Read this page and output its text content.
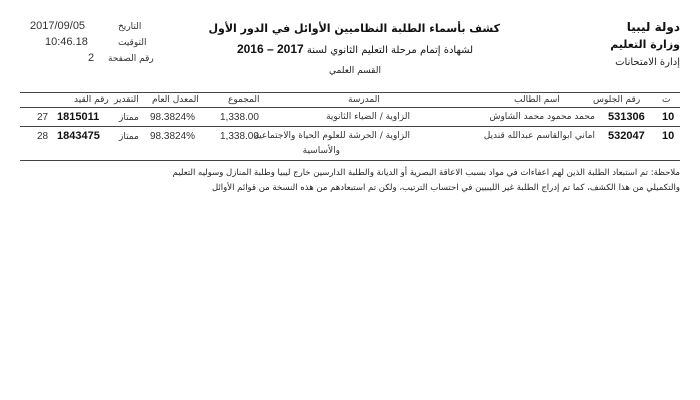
2017/09/05	التاريخ
10:46.18	التوقيت
2 رقم الصفحة
دولة ليبيا
وزارة التعليم
إدارة الامتحانات
كشف بأسماء الطلبة النظاميين الأوائل في الدور الأول
لشهادة إتمام مرحلة التعليم الثانوي لسنة 2016 – 2017
القسم العلمي
ت
رقم الجلوس
اسم الطالب
المدرسة
المجموع
المعدل العام
التقدير
رقم القيد
10
531306
محمد محمود محمد الشاوش
الزاوية / الضياء الثانوية
1,338.00
98.3824%
ممتاز
1815011
27
10
532047
اماني ابوالقاسم عبدالله قنديل
الزاوية / الحرشة للعلوم الحياة والاجتماعية
والأساسية
1,338.00
98.3824%
ممتاز
1843475
28
ملاحظة: تم استبعاد الطلبة الذين لهم اعفاءات في مواد بسبب الاعاقة البصرية أو الديانة والطلبة الدارسين خارج ليبيا وطلبة المنازل وسوليه التعليم
والتكميلي من هذا الكشف، كما تم إدراج الطلبة غير الليبيين في احتساب الترتيب، ولكن تم استبعادهم من هذه النسخة من قوائم الأوائل
